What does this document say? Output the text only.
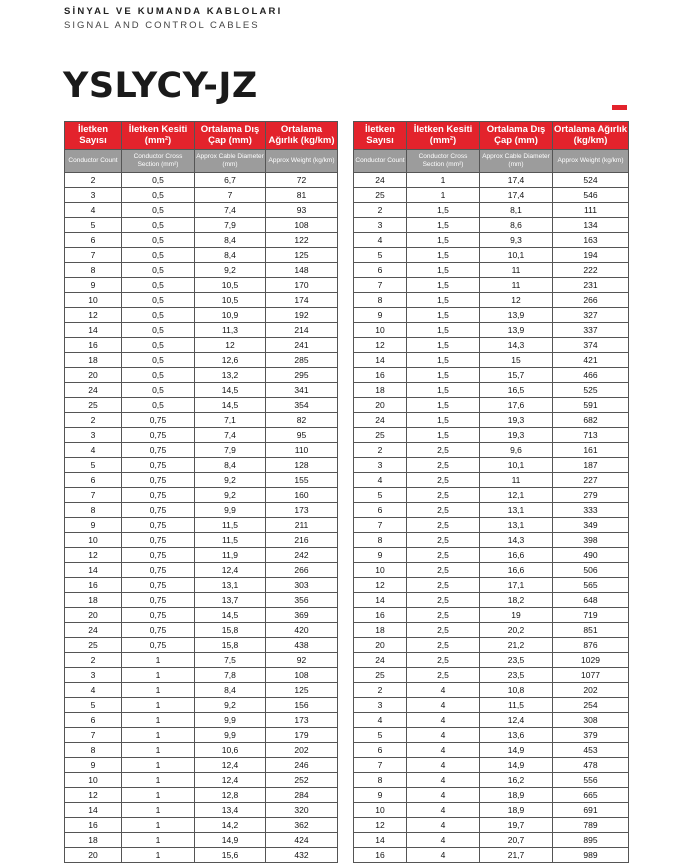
SİNYAL VE KUMANDA KABLOLARI
SIGNAL AND CONTROL CABLES
YSLYCY-JZ
İletken Sayısı	İletken Kesiti (mm²)	Ortalama Dış Çap (mm)	Ortalama Ağırlık (kg/km)
Conductor Count	Conductor Cross Section (mm²)	Approx Cable Diameter (mm)	Approx Weight (kg/km)
2	0,5	6,7	72
3	0,5	7	81
4	0,5	7,4	93
5	0,5	7,9	108
6	0,5	8,4	122
7	0,5	8,4	125
8	0,5	9,2	148
9	0,5	10,5	170
10	0,5	10,5	174
12	0,5	10,9	192
14	0,5	11,3	214
16	0,5	12	241
18	0,5	12,6	285
20	0,5	13,2	295
24	0,5	14,5	341
25	0,5	14,5	354
2	0,75	7,1	82
3	0,75	7,4	95
4	0,75	7,9	110
5	0,75	8,4	128
6	0,75	9,2	155
7	0,75	9,2	160
8	0,75	9,9	173
9	0,75	11,5	211
10	0,75	11,5	216
12	0,75	11,9	242
14	0,75	12,4	266
16	0,75	13,1	303
18	0,75	13,7	356
20	0,75	14,5	369
24	0,75	15,8	420
25	0,75	15,8	438
2	1	7,5	92
3	1	7,8	108
4	1	8,4	125
5	1	9,2	156
6	1	9,9	173
7	1	9,9	179
8	1	10,6	202
9	1	12,4	246
10	1	12,4	252
12	1	12,8	284
14	1	13,4	320
16	1	14,2	362
18	1	14,9	424
20	1	15,6	432
İletken Sayısı	İletken Kesiti (mm²)	Ortalama Dış Çap (mm)	Ortalama Ağırlık (kg/km)
Conductor Count	Conductor Cross Section (mm²)	Approx Cable Diameter (mm)	Approx Weight (kg/km)
24	1	17,4	524
25	1	17,4	546
2	1,5	8,1	111
3	1,5	8,6	134
4	1,5	9,3	163
5	1,5	10,1	194
6	1,5	11	222
7	1,5	11	231
8	1,5	12	266
9	1,5	13,9	327
10	1,5	13,9	337
12	1,5	14,3	374
14	1,5	15	421
16	1,5	15,7	466
18	1,5	16,5	525
20	1,5	17,6	591
24	1,5	19,3	682
25	1,5	19,3	713
2	2,5	9,6	161
3	2,5	10,1	187
4	2,5	11	227
5	2,5	12,1	279
6	2,5	13,1	333
7	2,5	13,1	349
8	2,5	14,3	398
9	2,5	16,6	490
10	2,5	16,6	506
12	2,5	17,1	565
14	2,5	18,2	648
16	2,5	19	719
18	2,5	20,2	851
20	2,5	21,2	876
24	2,5	23,5	1029
25	2,5	23,5	1077
2	4	10,8	202
3	4	11,5	254
4	4	12,4	308
5	4	13,6	379
6	4	14,9	453
7	4	14,9	478
8	4	16,2	556
9	4	18,9	665
10	4	18,9	691
12	4	19,7	789
14	4	20,7	895
16	4	21,7	989
